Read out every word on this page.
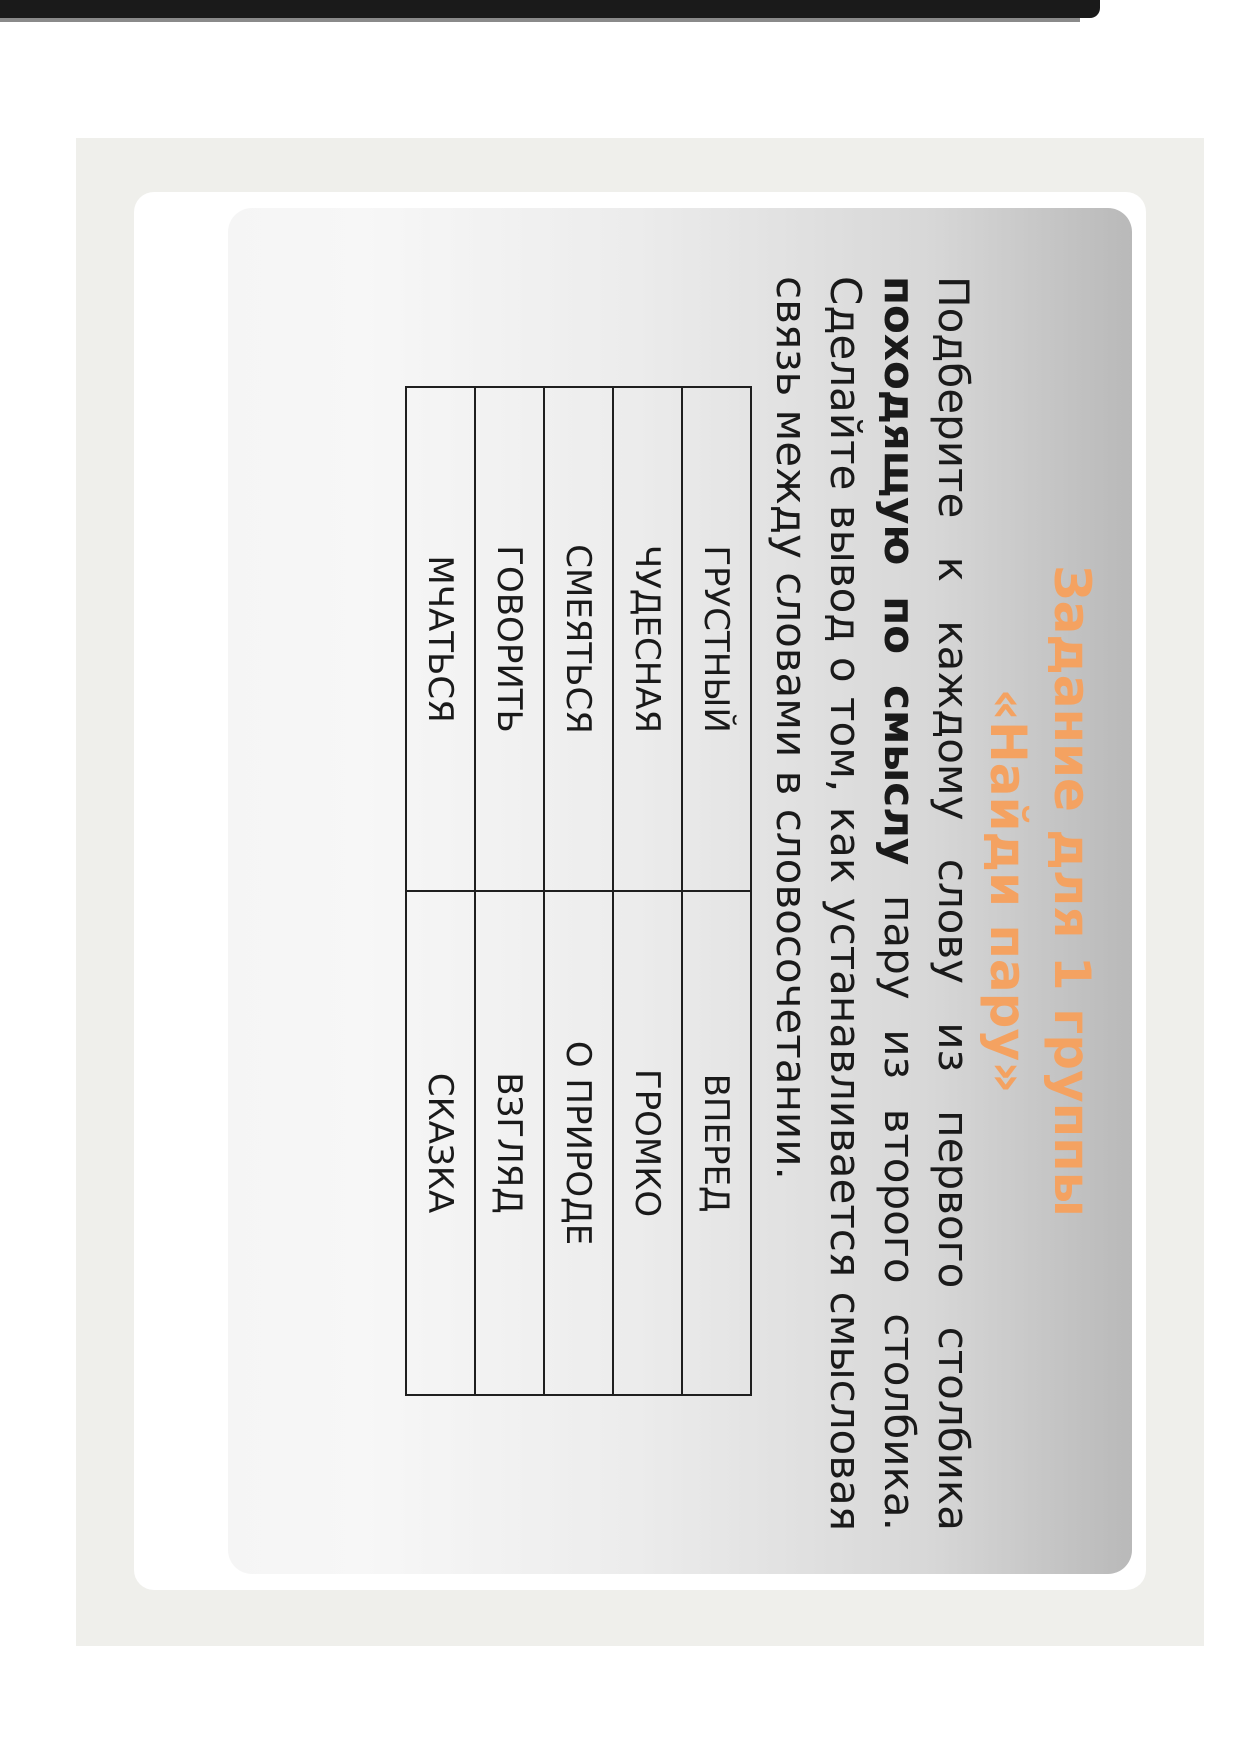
Задание для 1 группы
«Найди пару»
Подберите к каждому слову из первого столбика походящую по смыслу пару из второго столбика. Сделайте вывод о том, как устанавливается смысловая связь между словами в словосочетании.
ГРУСТНЫЙ	ВПЕРЕД
ЧУДЕСНАЯ	ГРОМКО
СМЕЯТЬСЯ	О ПРИРОДЕ
ГОВОРИТЬ	ВЗГЛЯД
МЧАТЬСЯ	СКАЗКА
